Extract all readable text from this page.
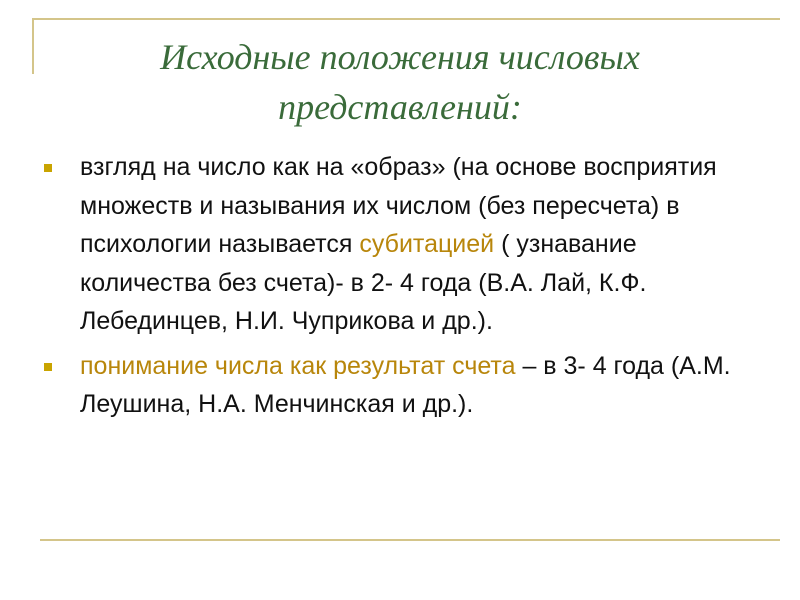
Исходные положения числовых
представлений:
взгляд на число как на «образ» (на основе восприятия множеств и называния их числом (без пересчета) в психологии называется субитацией ( узнавание количества без счета)- в 2- 4 года (В.А. Лай, К.Ф. Лебединцев, Н.И. Чуприкова и др.).
понимание числа как результат счета – в 3- 4 года (А.М. Леушина, Н.А. Менчинская и др.).
